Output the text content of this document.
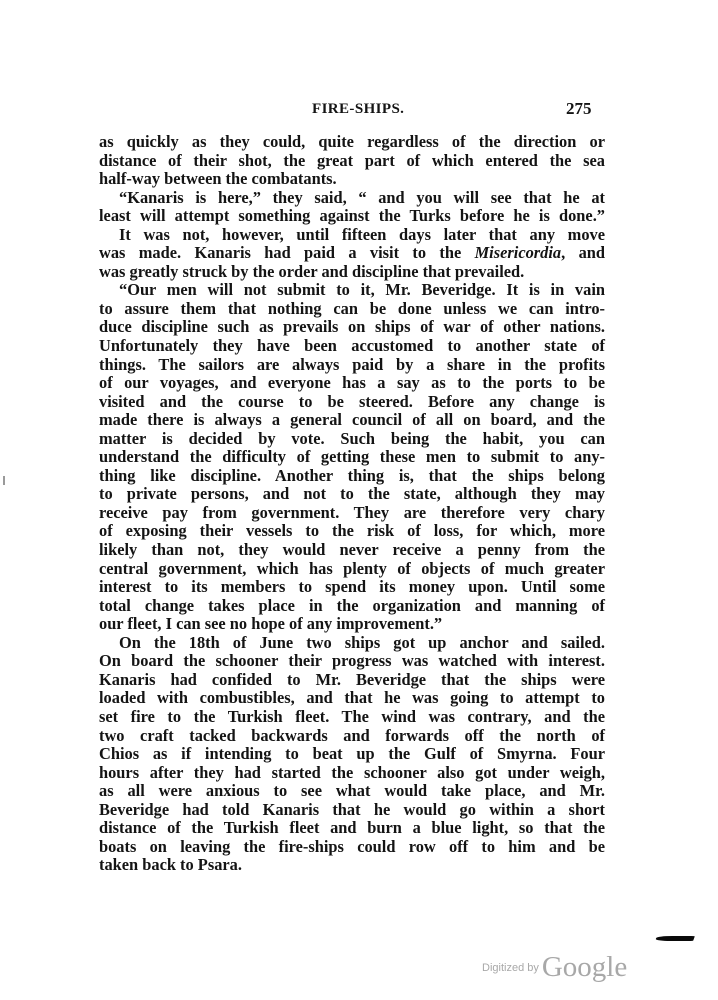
FIRE-SHIPS.	275
as quickly as they could, quite regardless of the direction or
distance of their shot, the great part of which entered the sea
half-way between the combatants.
“Kanaris is here,” they said, “ and you will see that he at
least will attempt something against the Turks before he is done.”
It was not, however, until fifteen days later that any move
was made. Kanaris had paid a visit to the Misericordia, and
was greatly struck by the order and discipline that prevailed.
“Our men will not submit to it, Mr. Beveridge. It is in vain
to assure them that nothing can be done unless we can intro-
duce discipline such as prevails on ships of war of other nations.
Unfortunately they have been accustomed to another state of
things. The sailors are always paid by a share in the profits
of our voyages, and everyone has a say as to the ports to be
visited and the course to be steered. Before any change is
made there is always a general council of all on board, and the
matter is decided by vote. Such being the habit, you can
understand the difficulty of getting these men to submit to any-
thing like discipline. Another thing is, that the ships belong
to private persons, and not to the state, although they may
receive pay from government. They are therefore very chary
of exposing their vessels to the risk of loss, for which, more
likely than not, they would never receive a penny from the
central government, which has plenty of objects of much greater
interest to its members to spend its money upon. Until some
total change takes place in the organization and manning of
our fleet, I can see no hope of any improvement.”
On the 18th of June two ships got up anchor and sailed.
On board the schooner their progress was watched with interest.
Kanaris had confided to Mr. Beveridge that the ships were
loaded with combustibles, and that he was going to attempt to
set fire to the Turkish fleet. The wind was contrary, and the
two craft tacked backwards and forwards off the north of
Chios as if intending to beat up the Gulf of Smyrna. Four
hours after they had started the schooner also got under weigh,
as all were anxious to see what would take place, and Mr.
Beveridge had told Kanaris that he would go within a short
distance of the Turkish fleet and burn a blue light, so that the
boats on leaving the fire-ships could row off to him and be
taken back to Psara.
$^{Digitized by}$ Google
